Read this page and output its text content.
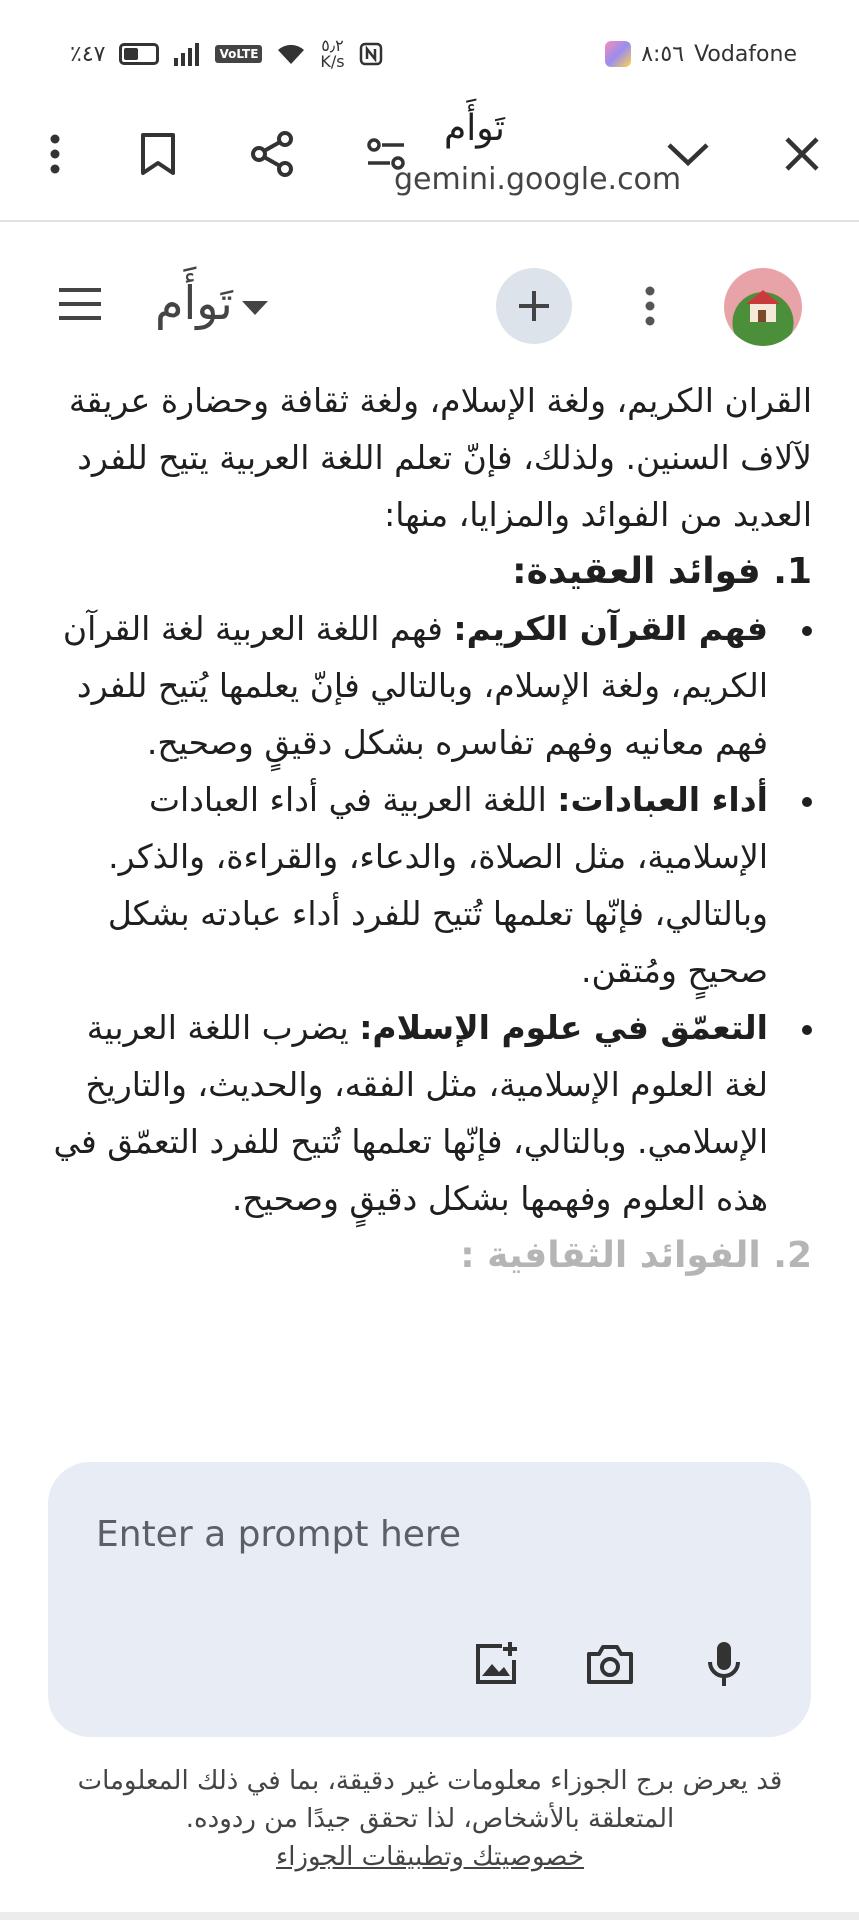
٪٤٧	VoLTE	٥٫٢
K/s	٨:٥٦ Vodafone
تَوأَم
gemini.google.com
تَوأَم

القران الكريم، ولغة الإسلام، ولغة ثقافة وحضارة عريقة لآلاف السنين. ولذلك، فإنّ تعلم اللغة العربية يتيح للفرد العديد من الفوائد والمزايا، منها:

1. فوائد العقيدة:

فهم القرآن الكريم: فهم اللغة العربية لغة القرآن الكريم، ولغة الإسلام، وبالتالي فإنّ يعلمها يُتيح للفرد فهم معانيه وفهم تفاسره بشكل دقيقٍ وصحيح.
أداء العبادات: اللغة العربية في أداء العبادات الإسلامية، مثل الصلاة، والدعاء، والقراءة، والذكر. وبالتالي، فإنّها تعلمها تُتيح للفرد أداء عبادته بشكل صحيحٍ ومُتقن.
التعمّق في علوم الإسلام: يضرب اللغة العربية لغة العلوم الإسلامية، مثل الفقه، والحديث، والتاريخ الإسلامي. وبالتالي، فإنّها تعلمها تُتيح للفرد التعمّق في هذه العلوم وفهمها بشكل دقيقٍ وصحيح.

2. الفوائد الثقافية :

Enter a prompt here
قد يعرض برج الجوزاء معلومات غير دقيقة، بما في ذلك المعلومات المتعلقة بالأشخاص، لذا تحقق جيدًا من ردوده.
خصوصيتك وتطبيقات الجوزاء
